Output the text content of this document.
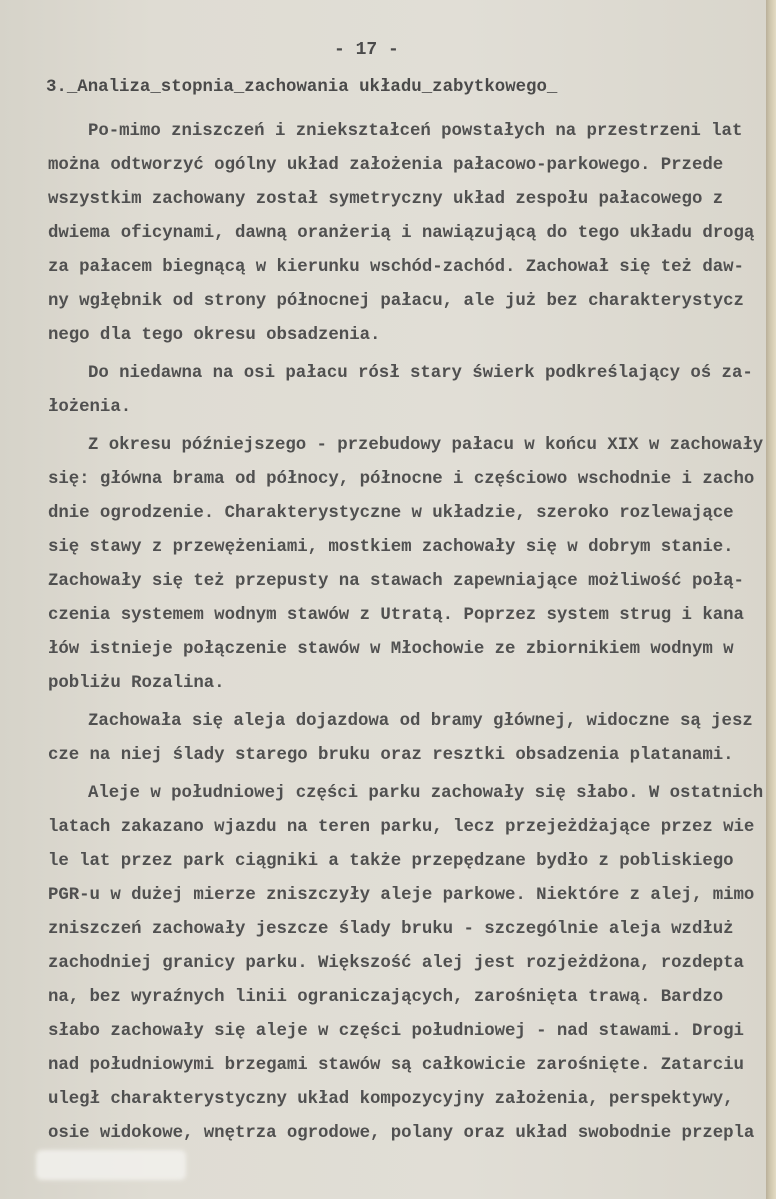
- 17 -
3._Analiza_stopnia_zachowania układu_zabytkowego_
Po-mimo zniszczeń i zniekształceń powstałych na przestrzeni lat
można odtworzyć ogólny układ założenia pałacowo-parkowego. Przede
wszystkim zachowany został symetryczny układ zespołu pałacowego z
dwiema oficynami, dawną oranżerią i nawiązującą do tego układu drogą
za pałacem biegnącą w kierunku wschód-zachód. Zachował się też daw-
ny wgłębnik od strony północnej pałacu, ale już bez charakterystycz
nego dla tego okresu obsadzenia.
Do niedawna na osi pałacu rósł stary świerk podkreślający oś za-
łożenia.
Z okresu późniejszego - przebudowy pałacu w końcu XIX w zachowały
się: główna brama od północy, północne i częściowo wschodnie i zacho
dnie ogrodzenie. Charakterystyczne w układzie, szeroko rozlewające
się stawy z przewężeniami, mostkiem zachowały się w dobrym stanie.
Zachowały się też przepusty na stawach zapewniające możliwość połą-
czenia systemem wodnym stawów z Utratą. Poprzez system strug i kana
łów istnieje połączenie stawów w Młochowie ze zbiornikiem wodnym w
pobliżu Rozalina.
Zachowała się aleja dojazdowa od bramy głównej, widoczne są jesz
cze na niej ślady starego bruku oraz resztki obsadzenia platanami.
Aleje w południowej części parku zachowały się słabo. W ostatnich
latach zakazano wjazdu na teren parku, lecz przejeżdżające przez wie
le lat przez park ciągniki a także przepędzane bydło z pobliskiego
PGR-u w dużej mierze zniszczyły aleje parkowe. Niektóre z alej, mimo
zniszczeń zachowały jeszcze ślady bruku - szczególnie aleja wzdłuż
zachodniej granicy parku. Większość alej jest rozjeżdżona, rozdepta
na, bez wyraźnych linii ograniczających, zarośnięta trawą. Bardzo
słabo zachowały się aleje w części południowej - nad stawami. Drogi
nad południowymi brzegami stawów są całkowicie zarośnięte. Zatarciu
uległ charakterystyczny układ kompozycyjny założenia, perspektywy,
osie widokowe, wnętrza ogrodowe, polany oraz układ swobodnie przepla
